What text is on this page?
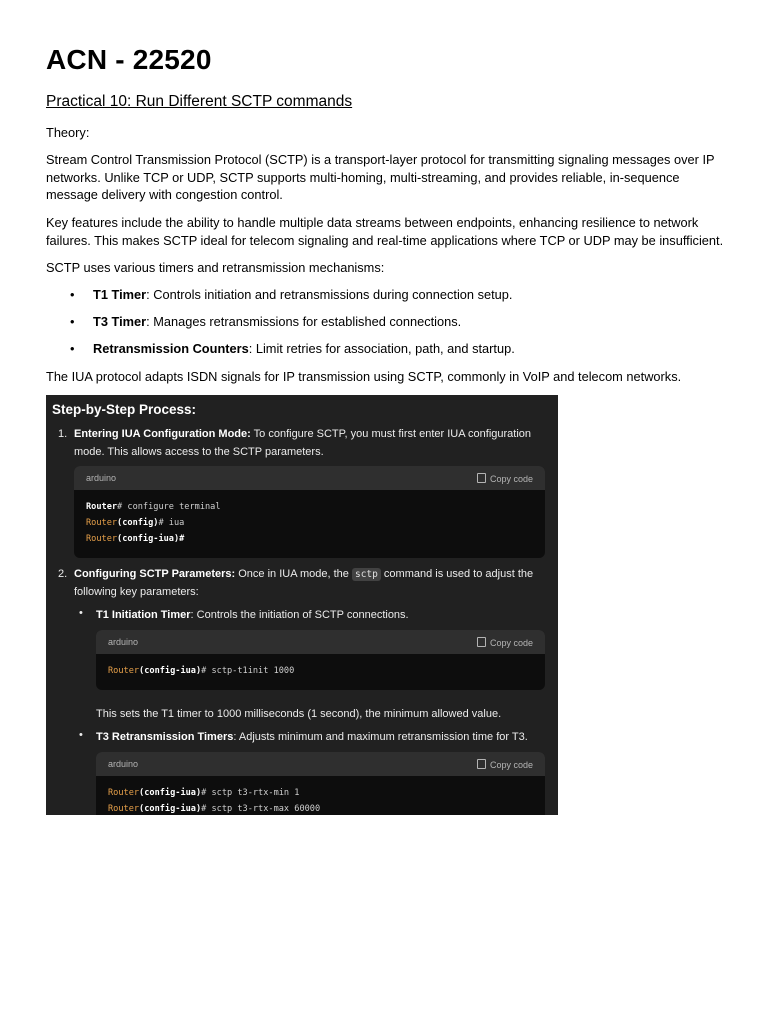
ACN - 22520

Practical 10: Run Different SCTP commands

Theory:

Stream Control Transmission Protocol (SCTP) is a transport-layer protocol for transmitting signaling messages over IP networks. Unlike TCP or UDP, SCTP supports multi-homing, multi-streaming, and provides reliable, in-sequence message delivery with congestion control.

Key features include the ability to handle multiple data streams between endpoints, enhancing resilience to network failures. This makes SCTP ideal for telecom signaling and real-time applications where TCP or UDP may be insufficient.

SCTP uses various timers and retransmission mechanisms:

• T1 Timer: Controls initiation and retransmissions during connection setup.
• T3 Timer: Manages retransmissions for established connections.
• Retransmission Counters: Limit retries for association, path, and startup.

The IUA protocol adapts ISDN signals for IP transmission using SCTP, commonly in VoIP and telecom networks.

Step-by-Step Process:
1. Entering IUA Configuration Mode: To configure SCTP, you must first enter IUA configuration
mode. This allows access to the SCTP parameters.
arduino	Copy code
Router# configure terminal
Router(config)# iua
Router(config-iua)#
2. Configuring SCTP Parameters: Once in IUA mode, the sctp command is used to adjust the
following key parameters:
• T1 Initiation Timer: Controls the initiation of SCTP connections.
arduino	Copy code
Router(config-iua)# sctp-t1init 1000
This sets the T1 timer to 1000 milliseconds (1 second), the minimum allowed value.
• T3 Retransmission Timers: Adjusts minimum and maximum retransmission time for T3.
arduino	Copy code
Router(config-iua)# sctp t3-rtx-min 1
Router(config-iua)# sctp t3-rtx-max 60000
